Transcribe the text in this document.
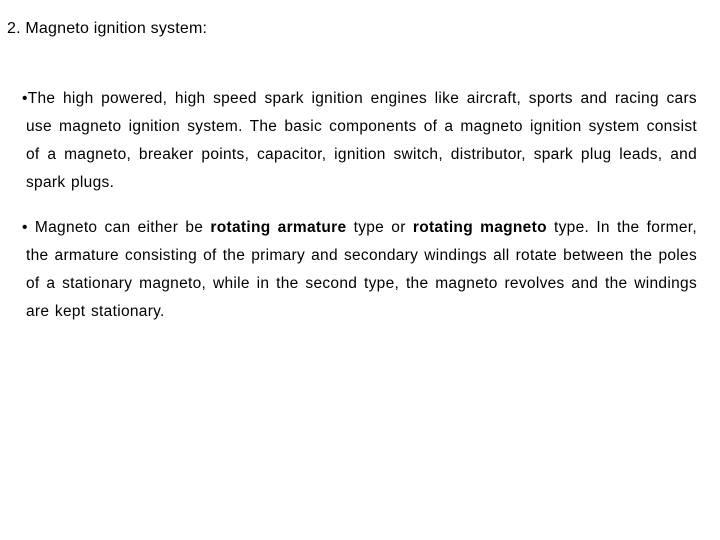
2. Magneto ignition system:
•The high powered, high speed spark ignition engines like aircraft, sports and racing cars use magneto ignition system. The basic components of a magneto ignition system consist of a magneto, breaker points, capacitor, ignition switch, distributor, spark plug leads, and spark plugs.
• Magneto can either be rotating armature type or rotating magneto type. In the former, the armature consisting of the primary and secondary windings all rotate between the poles of a stationary magneto, while in the second type, the magneto revolves and the windings are kept stationary.
